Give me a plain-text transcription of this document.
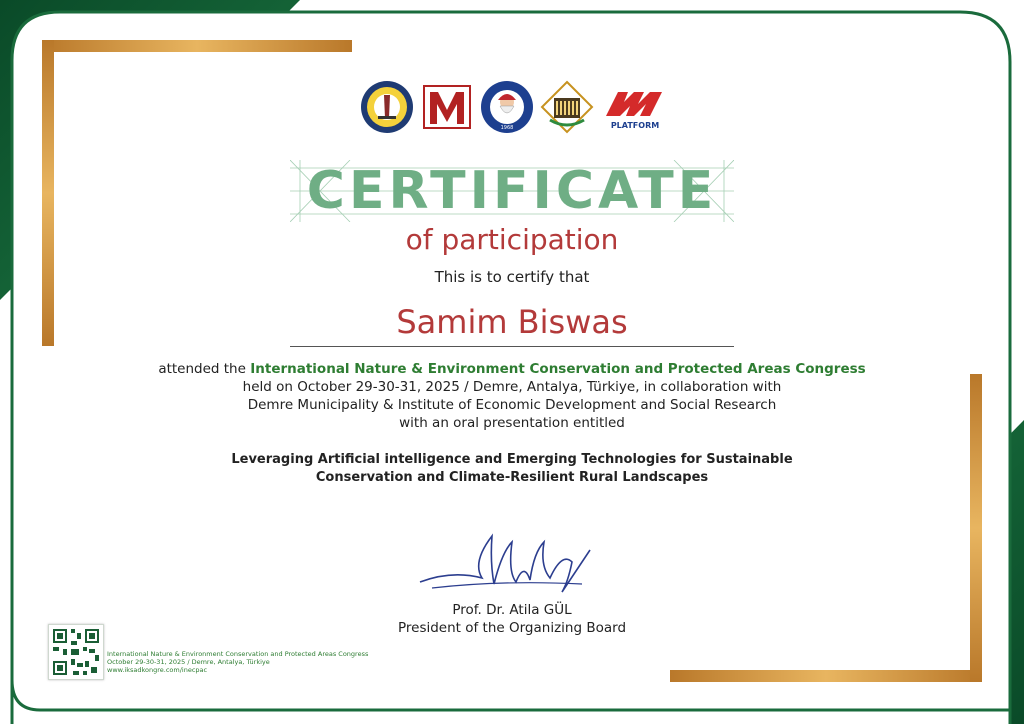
1968	PLATFORM
CERTIFICATE
of participation
This is to certify that
Samim Biswas
attended the International Nature & Environment Conservation and Protected Areas Congress
held on October 29-30-31, 2025 / Demre, Antalya, Türkiye, in collaboration with
Demre Municipality & Institute of Economic Development and Social Research
with an oral presentation entitled
Leveraging Artificial intelligence and Emerging Technologies for Sustainable
Conservation and Climate-Resilient Rural Landscapes
Prof. Dr. Atila GÜL
President of the Organizing Board
International Nature & Environment Conservation and Protected Areas Congress
October 29-30-31, 2025 / Demre, Antalya, Türkiye
www.iksadkongre.com/inecpac
